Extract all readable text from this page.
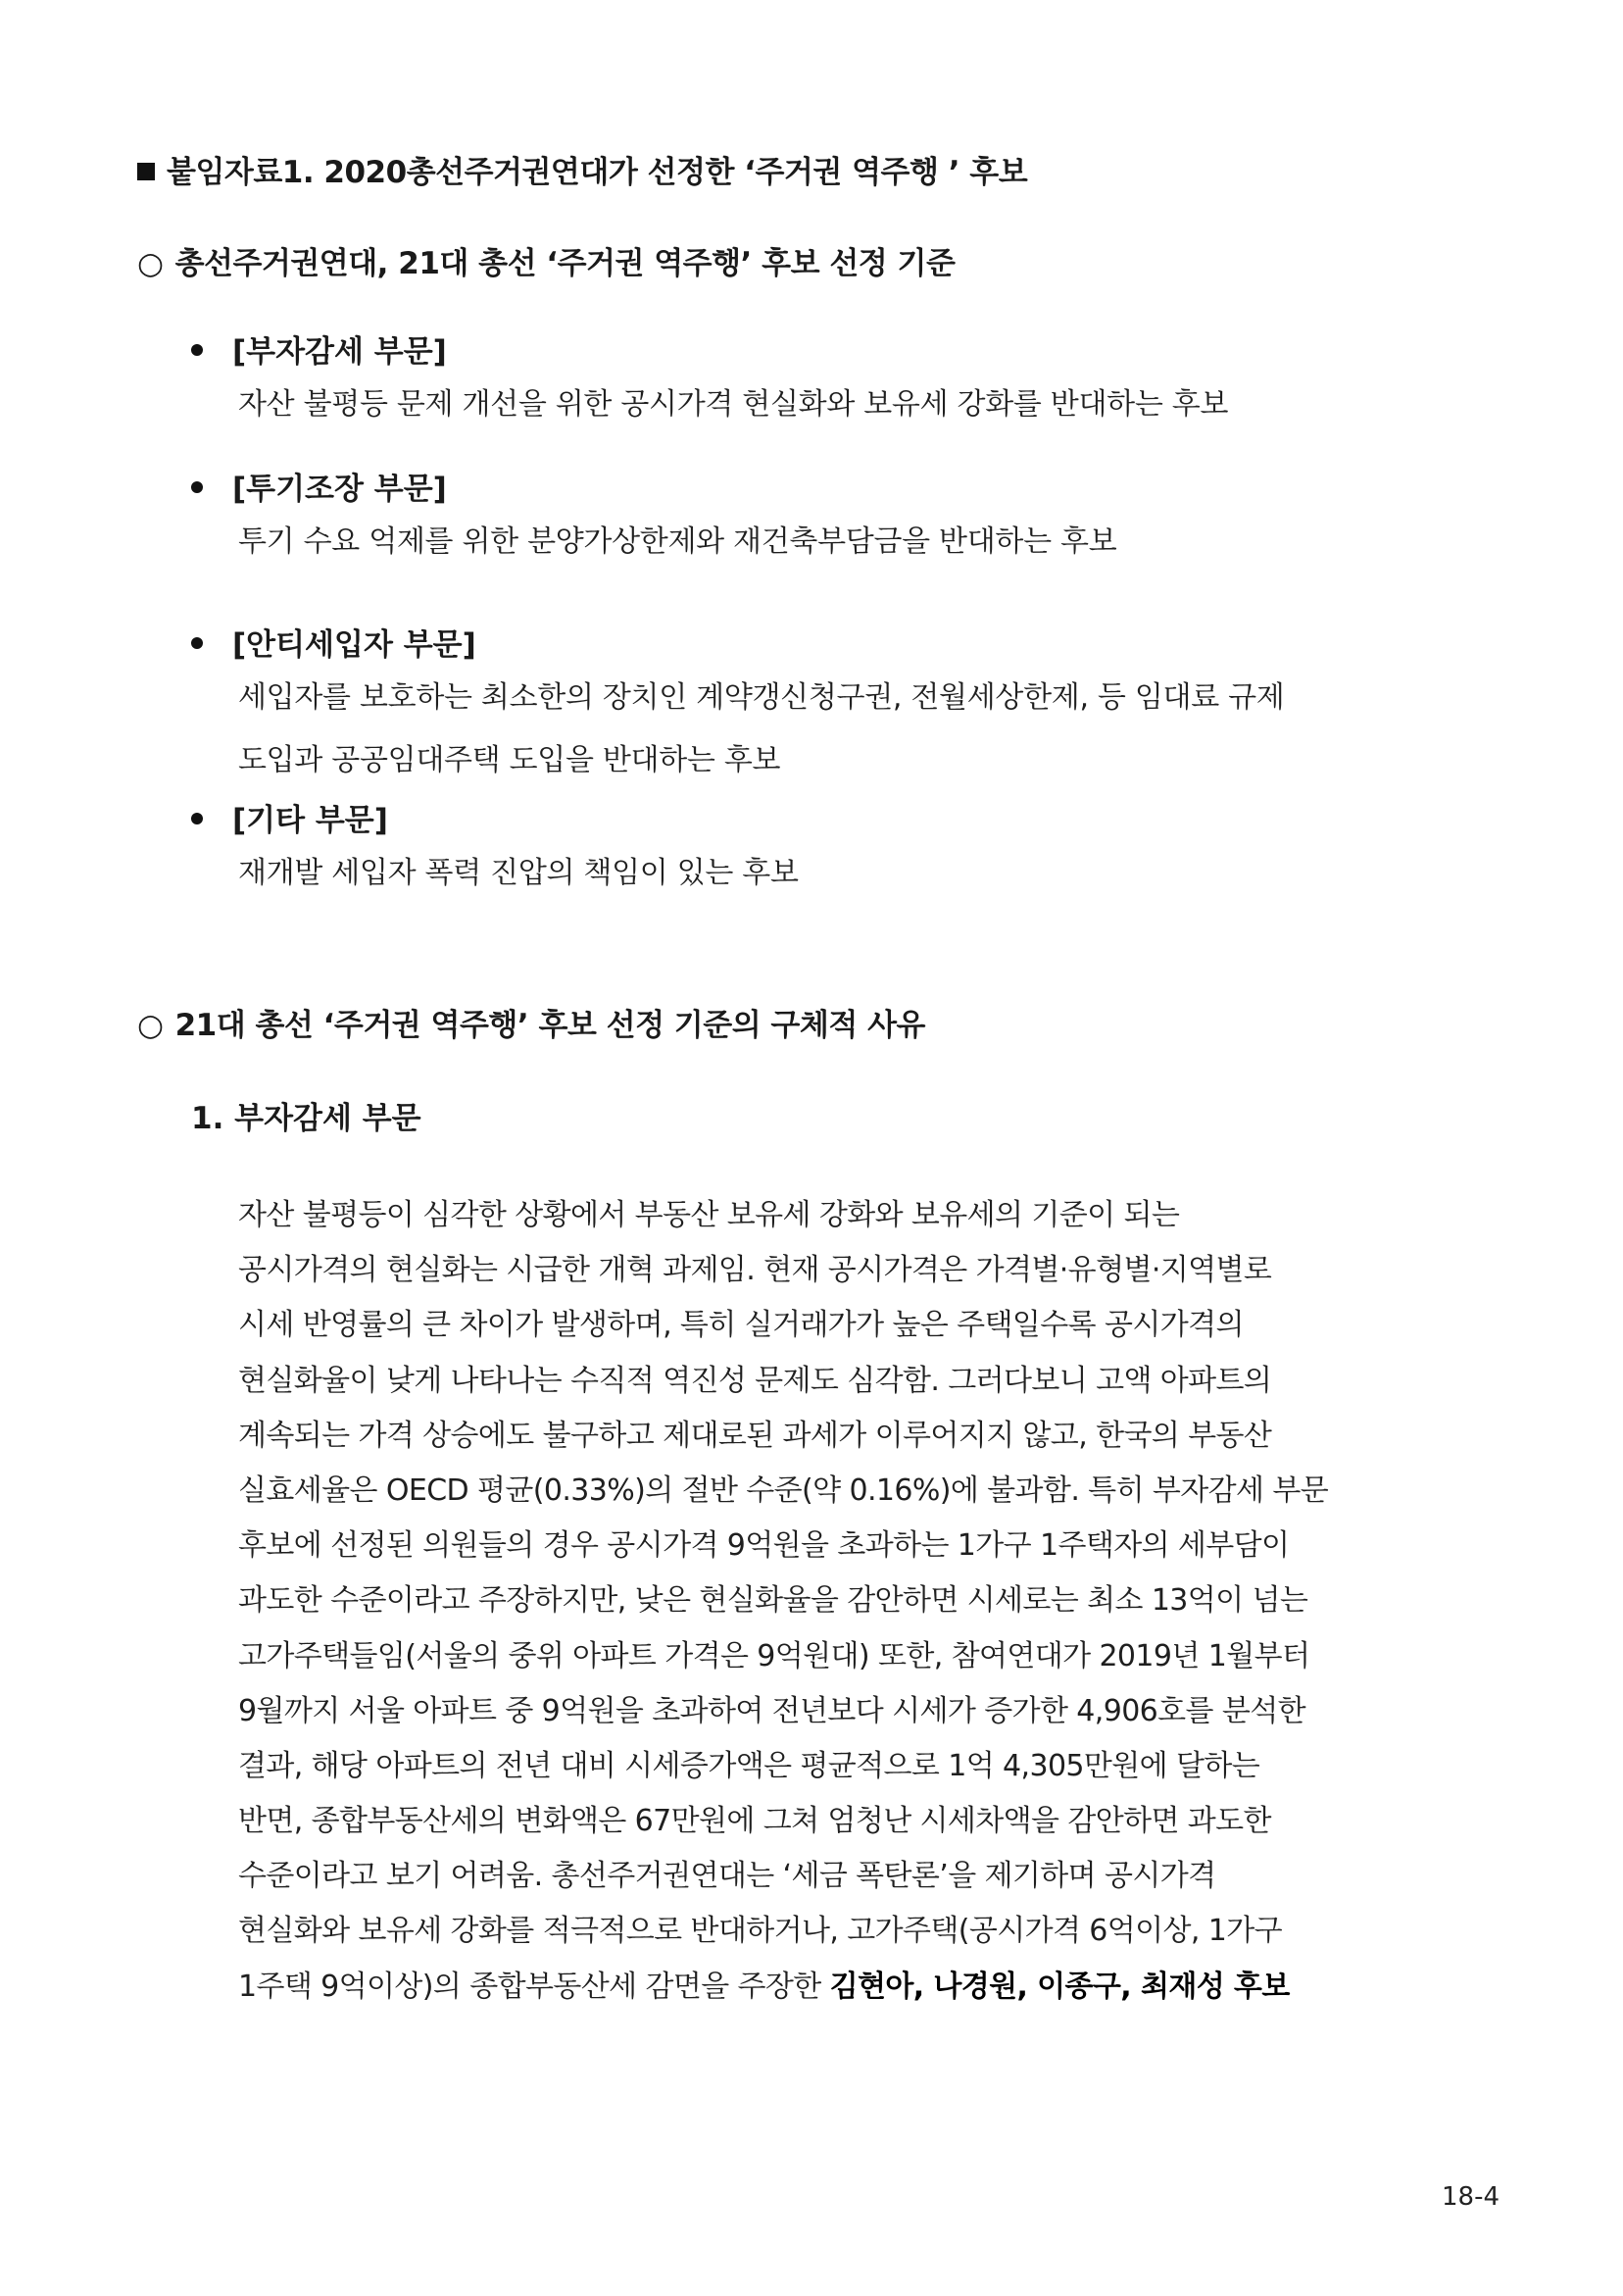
붙임자료1. 2020총선주거권연대가 선정한 ‘주거권 역주행 ’ 후보
○ 총선주거권연대, 21대 총선 ‘주거권 역주행’ 후보 선정 기준
[부자감세 부문]
자산 불평등 문제 개선을 위한 공시가격 현실화와 보유세 강화를 반대하는 후보
[투기조장 부문]
투기 수요 억제를 위한 분양가상한제와 재건축부담금을 반대하는 후보
[안티세입자 부문]
세입자를 보호하는 최소한의 장치인 계약갱신청구권, 전월세상한제, 등 임대료 규제
도입과 공공임대주택 도입을 반대하는 후보
[기타 부문]
재개발 세입자 폭력 진압의 책임이 있는 후보
○ 21대 총선 ‘주거권 역주행’ 후보 선정 기준의 구체적 사유
1. 부자감세 부문
자산 불평등이 심각한 상황에서 부동산 보유세 강화와 보유세의 기준이 되는
공시가격의 현실화는 시급한 개혁 과제임. 현재 공시가격은 가격별·유형별·지역별로
시세 반영률의 큰 차이가 발생하며, 특히 실거래가가 높은 주택일수록 공시가격의
현실화율이 낮게 나타나는 수직적 역진성 문제도 심각함. 그러다보니 고액 아파트의
계속되는 가격 상승에도 불구하고 제대로된 과세가 이루어지지 않고, 한국의 부동산
실효세율은 OECD 평균(0.33%)의 절반 수준(약 0.16%)에 불과함. 특히 부자감세 부문
후보에 선정된 의원들의 경우 공시가격 9억원을 초과하는 1가구 1주택자의 세부담이
과도한 수준이라고 주장하지만, 낮은 현실화율을 감안하면 시세로는 최소 13억이 넘는
고가주택들임(서울의 중위 아파트 가격은 9억원대) 또한, 참여연대가 2019년 1월부터
9월까지 서울 아파트 중 9억원을 초과하여 전년보다 시세가 증가한 4,906호를 분석한
결과, 해당 아파트의 전년 대비 시세증가액은 평균적으로 1억 4,305만원에 달하는
반면, 종합부동산세의 변화액은 67만원에 그쳐 엄청난 시세차액을 감안하면 과도한
수준이라고 보기 어려움. 총선주거권연대는 ‘세금 폭탄론’을 제기하며 공시가격
현실화와 보유세 강화를 적극적으로 반대하거나, 고가주택(공시가격 6억이상, 1가구
1주택 9억이상)의 종합부동산세 감면을 주장한 김현아, 나경원, 이종구, 최재성 후보
18-4
